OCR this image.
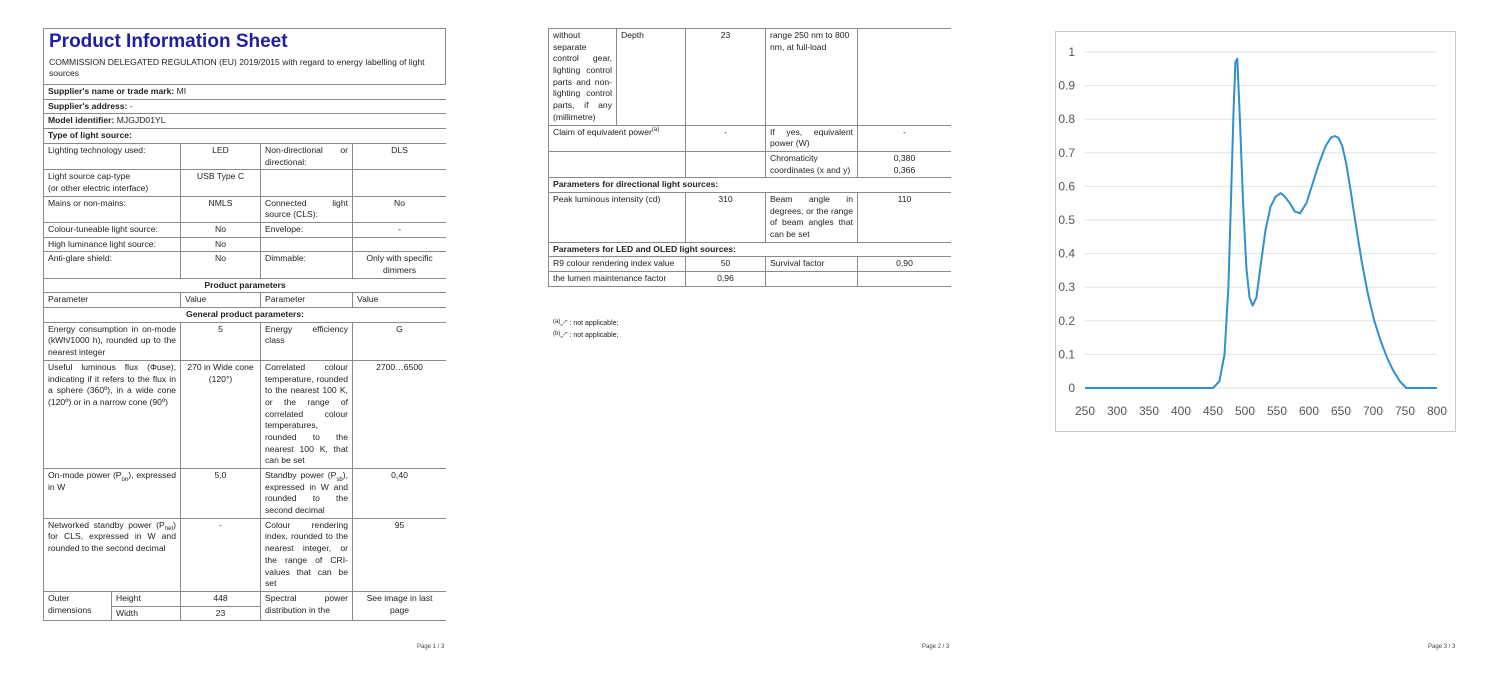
Product Information Sheet
COMMISSION DELEGATED REGULATION (EU) 2019/2015 with regard to energy labelling of light sources
Supplier's name or trade mark: MI				
Supplier's address: -				
Model identifier: MJGJD01YL				
Type of light source:				
Lighting technology used:		LED	Non-directional or directional:	DLS
Light source cap-type
(or other electric interface)		USB Type C		
Mains or non-mains:		NMLS	Connected light source (CLS):	No
Colour-tuneable light source:		No	Envelope:	-
High luminance light source:		No		
Anti-glare shield:		No	Dimmable:	Only with specific dimmers
Product parameters				
Parameter		Value	Parameter	Value
General product parameters:				
Energy consumption in on-mode (kWh/1000 h), rounded up to the nearest integer		5	Energy efficiency class	G
Useful luminous flux (Φuse), indicating if it refers to the flux in a sphere (360º), in a wide cone (120º) or in a narrow cone (90º)		270 in Wide cone (120°)	Correlated colour temperature, rounded to the nearest 100 K, or the range of correlated colour temperatures, rounded to the nearest 100 K, that can be set	2700…6500
On-mode power $(P_{on})$, expressed in W		5,0	Standby power $(P_{sb})$, expressed in W and rounded to the second decimal	0,40
Networked standby power $(P_{net})$ for CLS, expressed in W and rounded to the second decimal		-	Colour rendering index, rounded to the nearest integer, or the range of CRI-values that can be set	95
Outer dimensions	Height	448	Spectral power distribution in the	See image in last page
	Width	23		
Page 1 / 3
without separate control gear, lighting control parts and non-lighting control parts, if any (millimetre)	Depth	23	range 250 nm to 800 nm, at full-load	
Claim of equivalent power$^{(a)}$		-	If yes, equivalent power (W)	-
			Chromaticity coordinates (x and y)	0,380
0,366
Parameters for directional light sources:				
Peak luminous intensity (cd)		310	Beam angle in degrees, or the range of beam angles that can be set	110
Parameters for LED and OLED light sources:				
R9 colour rendering index value		50	Survival factor	0,90
the lumen maintenance factor		0,96		
(a)„-" : not applicable;
(b)„-" : not applicable;
Page 2 / 3
0
0.1
0.2
0.3
0.4
0.5
0.6
0.7
0.8
0.9
1
250 300 350 400 450 500 550 600 650 700 750 800
Page 3 / 3
